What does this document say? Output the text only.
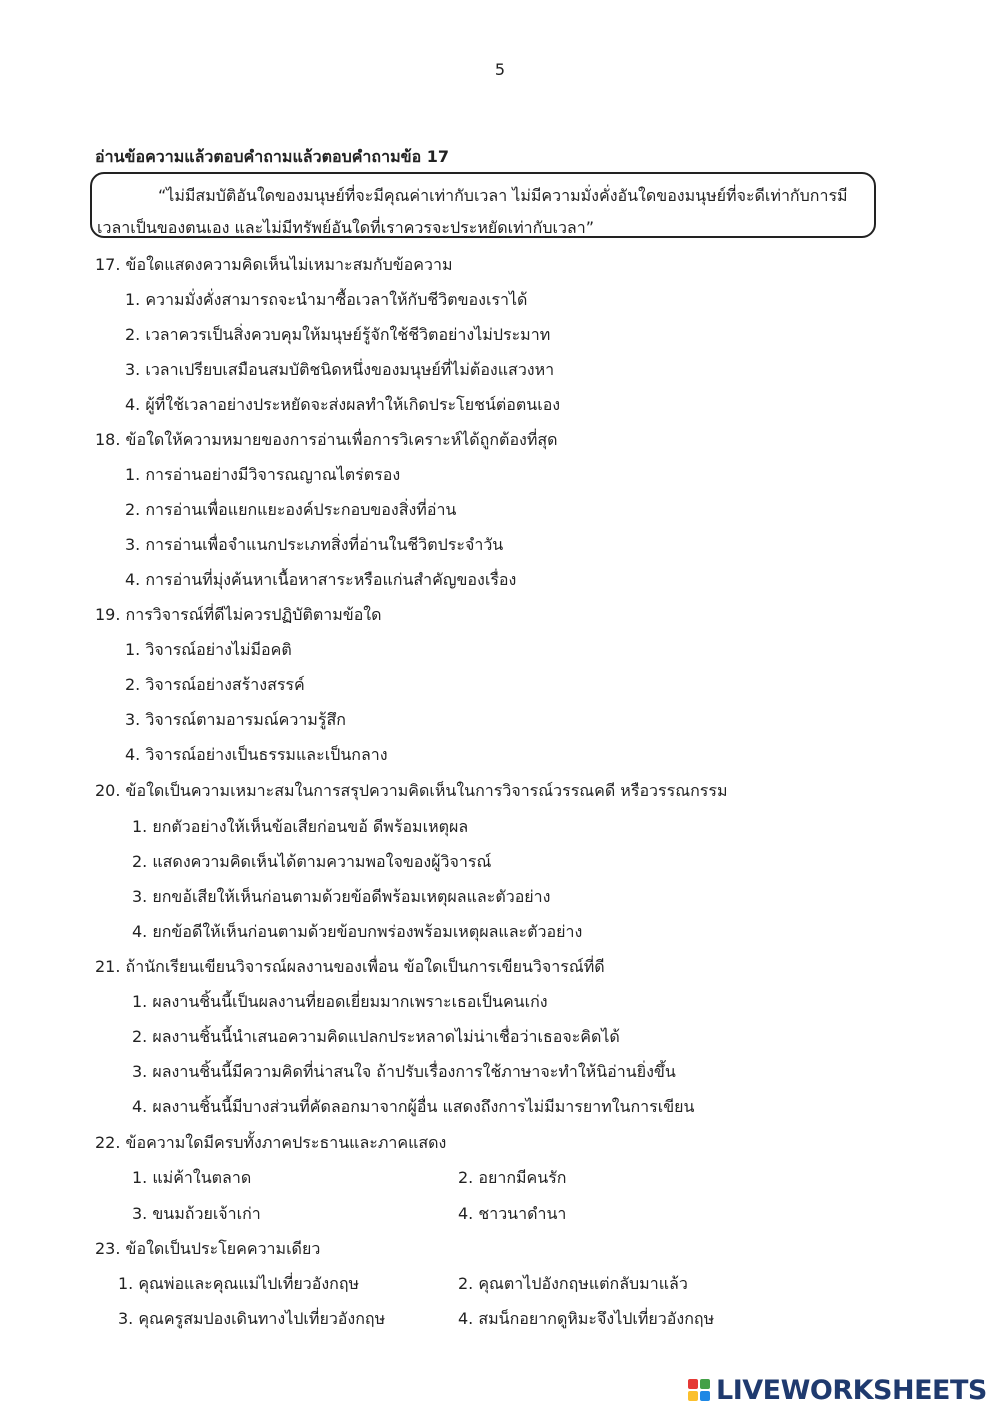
5
อ่านข้อความแล้วตอบคำถามแล้วตอบคำถามข้อ 17
“ไม่มีสมบัติอันใดของมนุษย์ที่จะมีคุณค่าเท่ากับเวลา ไม่มีความมั่งคั่งอันใดของมนุษย์ที่จะดีเท่ากับการมี
เวลาเป็นของตนเอง และไม่มีทรัพย์อันใดที่เราควรจะประหยัดเท่ากับเวลา”
17. ข้อใดแสดงความคิดเห็นไม่เหมาะสมกับข้อความ
1. ความมั่งคั่งสามารถจะนำมาซื้อเวลาให้กับชีวิตของเราได้
2. เวลาควรเป็นสิ่งควบคุมให้มนุษย์รู้จักใช้ชีวิตอย่างไม่ประมาท
3. เวลาเปรียบเสมือนสมบัติชนิดหนึ่งของมนุษย์ที่ไม่ต้องแสวงหา
4. ผู้ที่ใช้เวลาอย่างประหยัดจะส่งผลทำให้เกิดประโยชน์ต่อตนเอง
18. ข้อใดให้ความหมายของการอ่านเพื่อการวิเคราะห์ได้ถูกต้องที่สุด
1. การอ่านอย่างมีวิจารณญาณไตร่ตรอง
2. การอ่านเพื่อแยกแยะองค์ประกอบของสิ่งที่อ่าน
3. การอ่านเพื่อจำแนกประเภทสิ่งที่อ่านในชีวิตประจำวัน
4. การอ่านที่มุ่งค้นหาเนื้อหาสาระหรือแก่นสำคัญของเรื่อง
19. การวิจารณ์ที่ดีไม่ควรปฏิบัติตามข้อใด
1. วิจารณ์อย่างไม่มีอคติ
2. วิจารณ์อย่างสร้างสรรค์
3. วิจารณ์ตามอารมณ์ความรู้สึก
4. วิจารณ์อย่างเป็นธรรมและเป็นกลาง
20. ข้อใดเป็นความเหมาะสมในการสรุปความคิดเห็นในการวิจารณ์วรรณคดี หรือวรรณกรรม
1. ยกตัวอย่างให้เห็นข้อเสียก่อนขอ้ ดีพร้อมเหตุผล
2. แสดงความคิดเห็นได้ตามความพอใจของผู้วิจารณ์
3. ยกขอ้เสียให้เห็นก่อนตามด้วยข้อดีพร้อมเหตุผลและตัวอย่าง
4. ยกข้อดีให้เห็นก่อนตามด้วยข้อบกพร่องพร้อมเหตุผลและตัวอย่าง
21. ถ้านักเรียนเขียนวิจารณ์ผลงานของเพื่อน ข้อใดเป็นการเขียนวิจารณ์ที่ดี
1. ผลงานชิ้นนี้เป็นผลงานที่ยอดเยี่ยมมากเพราะเธอเป็นคนเก่ง
2. ผลงานชิ้นนี้นำเสนอความคิดแปลกประหลาดไม่น่าเชื่อว่าเธอจะคิดได้
3. ผลงานชิ้นนี้มีความคิดที่น่าสนใจ ถ้าปรับเรื่องการใช้ภาษาจะทำให้นิอ่านยิ่งขึ้น
4. ผลงานชิ้นนี้มีบางส่วนที่คัดลอกมาจากผู้อื่น แสดงถึงการไม่มีมารยาทในการเขียน
22. ข้อความใดมีครบทั้งภาคประธานและภาคแสดง
1. แม่ค้าในตลาด	2. อยากมีคนรัก
3. ขนมถ้วยเจ้าเก่า	4. ชาวนาดำนา
23. ข้อใดเป็นประโยคความเดียว
1. คุณพ่อและคุณแม่ไปเที่ยวอังกฤษ	2. คุณตาไปอังกฤษแต่กลับมาแล้ว
3. คุณครูสมปองเดินทางไปเที่ยวอังกฤษ	4. สมน็กอยากดูหิมะจึงไปเที่ยวอังกฤษ
LIVEWORKSHEETS
